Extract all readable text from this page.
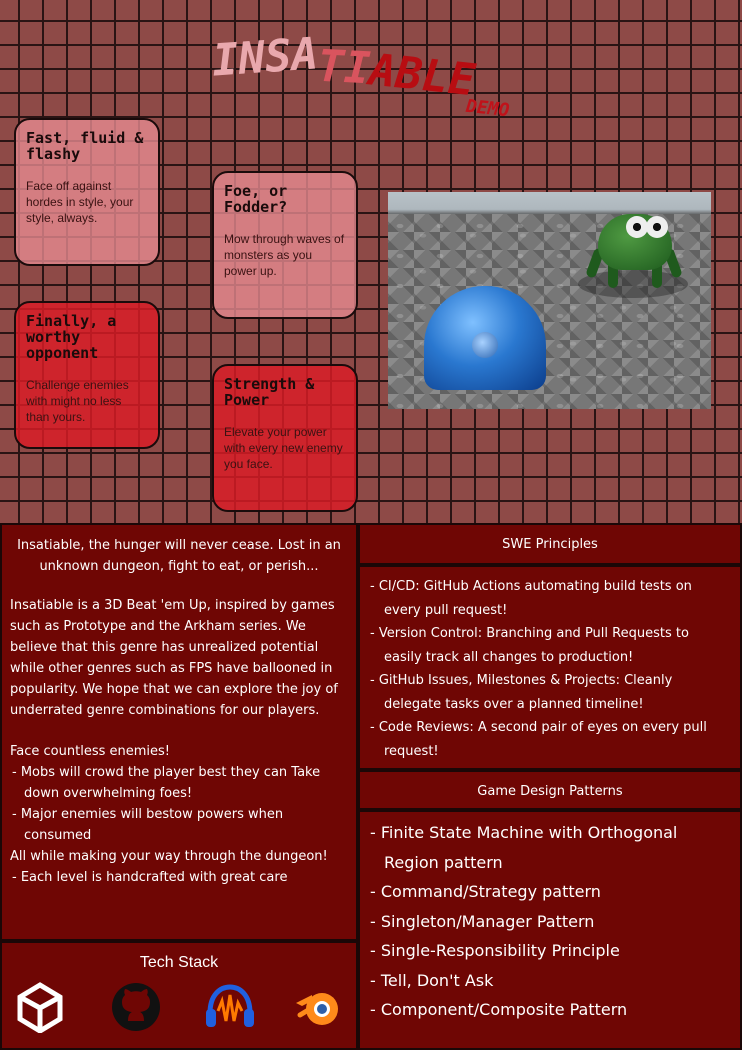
INSATIABLE
DEMO
Fast, fluid & flashy
Face off against hordes in style, your style, always.
Foe, or Fodder?
Mow through waves of monsters as you power up.
Finally, a worthy opponent
Challenge enemies with might no less than yours.
Strength & Power
Elevate your power with every new enemy you face.
Insatiable, the hunger will never cease. Lost in an unknown dungeon, fight to eat, or perish...
Insatiable is a 3D Beat 'em Up, inspired by games such as Prototype and the Arkham series. We believe that this genre has unrealized potential while other genres such as FPS have ballooned in popularity. We hope that we can explore the joy of underrated genre combinations for our players.
Face countless enemies!
- Mobs will crowd the player best they can Take down overwhelming foes!
- Major enemies will bestow powers when consumed
All while making your way through the dungeon!
- Each level is handcrafted with great care
Tech Stack
SWE Principles
- CI/CD: GitHub Actions automating build tests on every pull request!
- Version Control: Branching and Pull Requests to easily track all changes to production!
- GitHub Issues, Milestones & Projects: Cleanly delegate tasks over a planned timeline!
- Code Reviews: A second pair of eyes on every pull request!
Game Design Patterns
- Finite State Machine with Orthogonal Region pattern
- Command/Strategy pattern
- Singleton/Manager Pattern
- Single-Responsibility Principle
- Tell, Don't Ask
- Component/Composite Pattern
